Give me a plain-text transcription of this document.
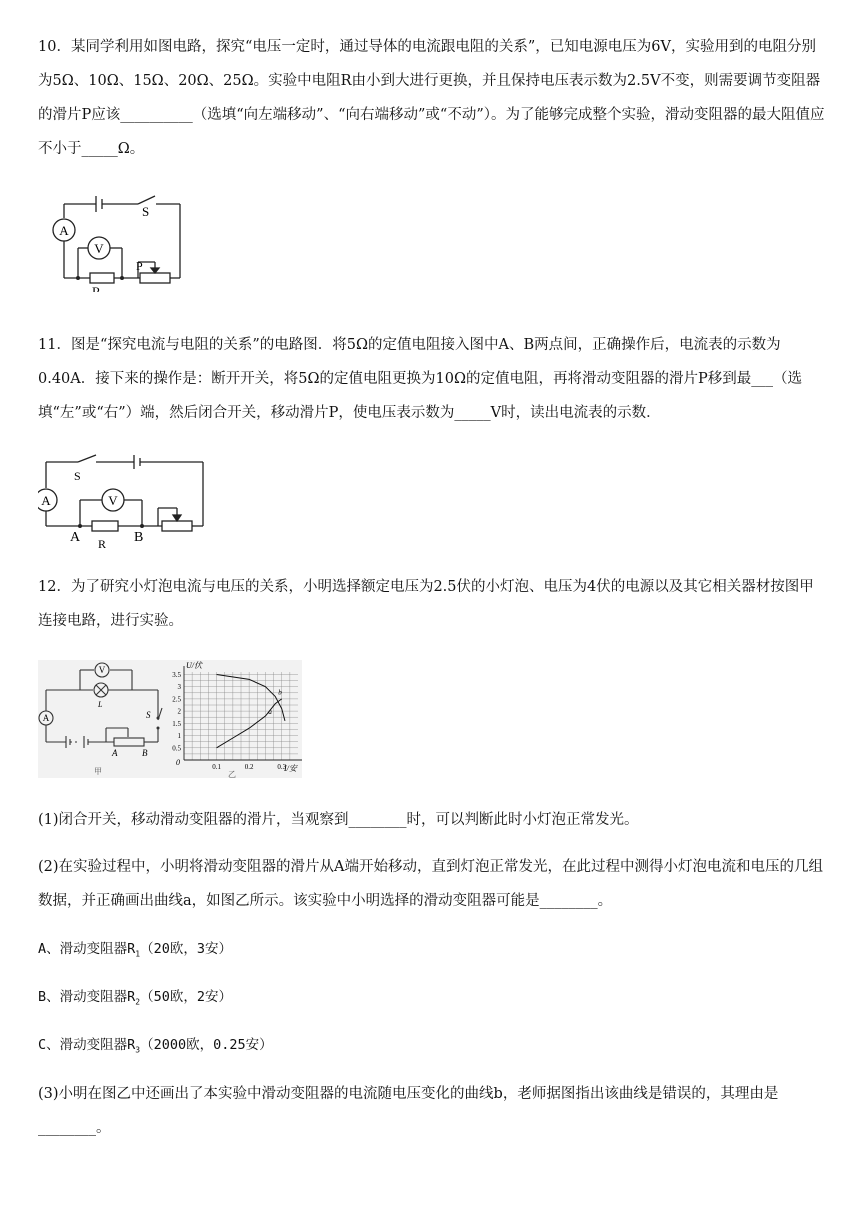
10．某同学利用如图电路，探究“电压一定时，通过导体的电流跟电阻的关系”，已知电源电压为6V，实验用到的电阻分别为5Ω、10Ω、15Ω、20Ω、25Ω。实验中电阻R由小到大进行更换，并且保持电压表示数为2.5V不变，则需要调节变阻器的滑片P应该__________（选填“向左端移动”、“向右端移动”或“不动”）。为了能够完成整个实验，滑动变阻器的最大阻值应不小于_____Ω。

A
V
S
P
R

11．图是“探究电流与电阻的关系”的电路图．将5Ω的定值电阻接入图中A、B两点间，正确操作后，电流表的示数为0.40A．接下来的操作是：断开开关，将5Ω的定值电阻更换为10Ω的定值电阻，再将滑动变阻器的滑片P移到最___（选填“左”或“右”）端，然后闭合开关，移动滑片P，使电压表示数为_____V时，读出电流表的示数．

A	V
S
A	B
R

12．为了研究小灯泡电流与电压的关系，小明选择额定电压为2.5伏的小灯泡、电压为4伏的电源以及其它相关器材按图甲连接电路，进行实验。

V
L
A	S
A	B
甲	0.1	0.2	0.3
0.5
1
1.5
2
2.5
3
3.5
a
b
U/伏
I/安
0
乙

(1)闭合开关，移动滑动变阻器的滑片，当观察到________时，可以判断此时小灯泡正常发光。

(2)在实验过程中，小明将滑动变阻器的滑片从A端开始移动，直到灯泡正常发光，在此过程中测得小灯泡电流和电压的几组数据，并正确画出曲线a，如图乙所示。该实验中小明选择的滑动变阻器可能是________。

A、滑动变阻器$R_1(20$欧，3安）

B、滑动变阻器$R_2(50$欧，2安）

C、滑动变阻器$R_3(2000$欧，0.25安）

(3)小明在图乙中还画出了本实验中滑动变阻器的电流随电压变化的曲线b，老师据图指出该曲线是错误的，其理由是________。
